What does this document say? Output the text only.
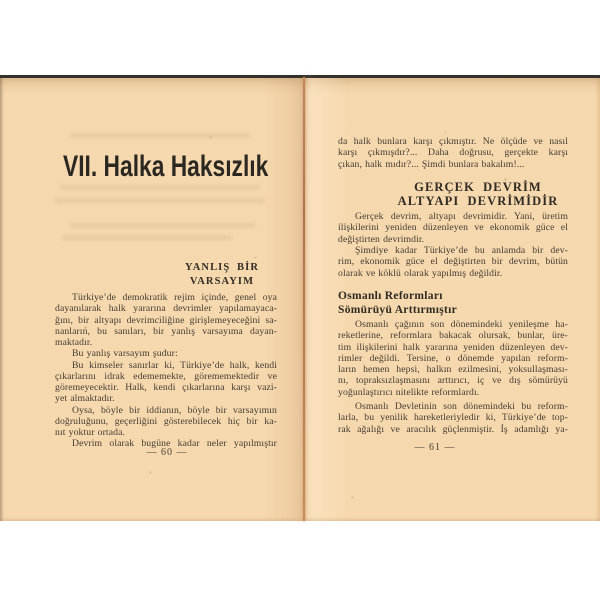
VII. Halka Haksızlık
YANLIŞ BİR
VARSAYIM
Türkiye’de demokratik rejim içinde, genel oya
dayanılarak halk yararına devrimler yapılamayaca-
ğını, bir altyapı devrimciliğine girişlemeyeceğini sa-
nanların, bu sanıları, bir yanlış varsayıma dayan-
maktadır.
Bu yanlış varsayım şudur:
Bu kimseler sanırlar ki, Türkiye’de halk, kendi
çıkarlarını idrak edememekte, görememektedir ve
göremeyecektir. Halk, kendi çıkarlarına karşı vazi-
yet almaktadır.
Oysa, böyle bir iddianın, böyle bir varsayımın
doğruluğunu, geçerliğini gösterebilecek hiç bir ka-
nıt yoktur ortada.
Devrim olarak bugüne kadar neler yapılmıştır
— 60 —
da halk bunlara karşı çıkmıştır. Ne ölçüde ve nasıl
karşı çıkmışdır?... Daha doğrusu, gerçekte karşı
çıkan, halk mıdır?... Şimdi bunlara bakalım!...
GERÇEK DEVRİM
ALTYAPI DEVRİMİDİR
Gerçek devrim, altyapı devrimidir. Yani, üretim
ilişkilerini yeniden düzenleyen ve ekonomik güce el
değiştirten devrimdir.
Şimdiye kadar Türkiye’de bu anlamda bir dev-
rim, ekonomik güce el değiştirten bir devrim, bütün
olarak ve köklü olarak yapılmış değildir.
Osmanlı Reformları
Sömürüyü Arttırmıştır
Osmanlı çağının son dönemindeki yenileşme ha-
reketlerine, reformlara bakacak olursak, bunlar, üre-
tim ilişkilerini halk yararına yeniden düzenleyen dev-
rimler değildi. Tersine, o dönemde yapılan reform-
ların hemen hepsi, halkın ezilmesini, yoksullaşması-
nı, topraksızlaşmasını arttırıcı, iç ve dış sömürüyü
yoğunlaştırıcı nitelikte reformlardı.
Osmanlı Devletinin son dönemindeki bu reform-
larla, bu yenilik hareketleriyledir ki, Türkiye’de top-
rak ağalığı ve aracılık güçlenmiştir. İş adamlığı ya-
— 61 —
